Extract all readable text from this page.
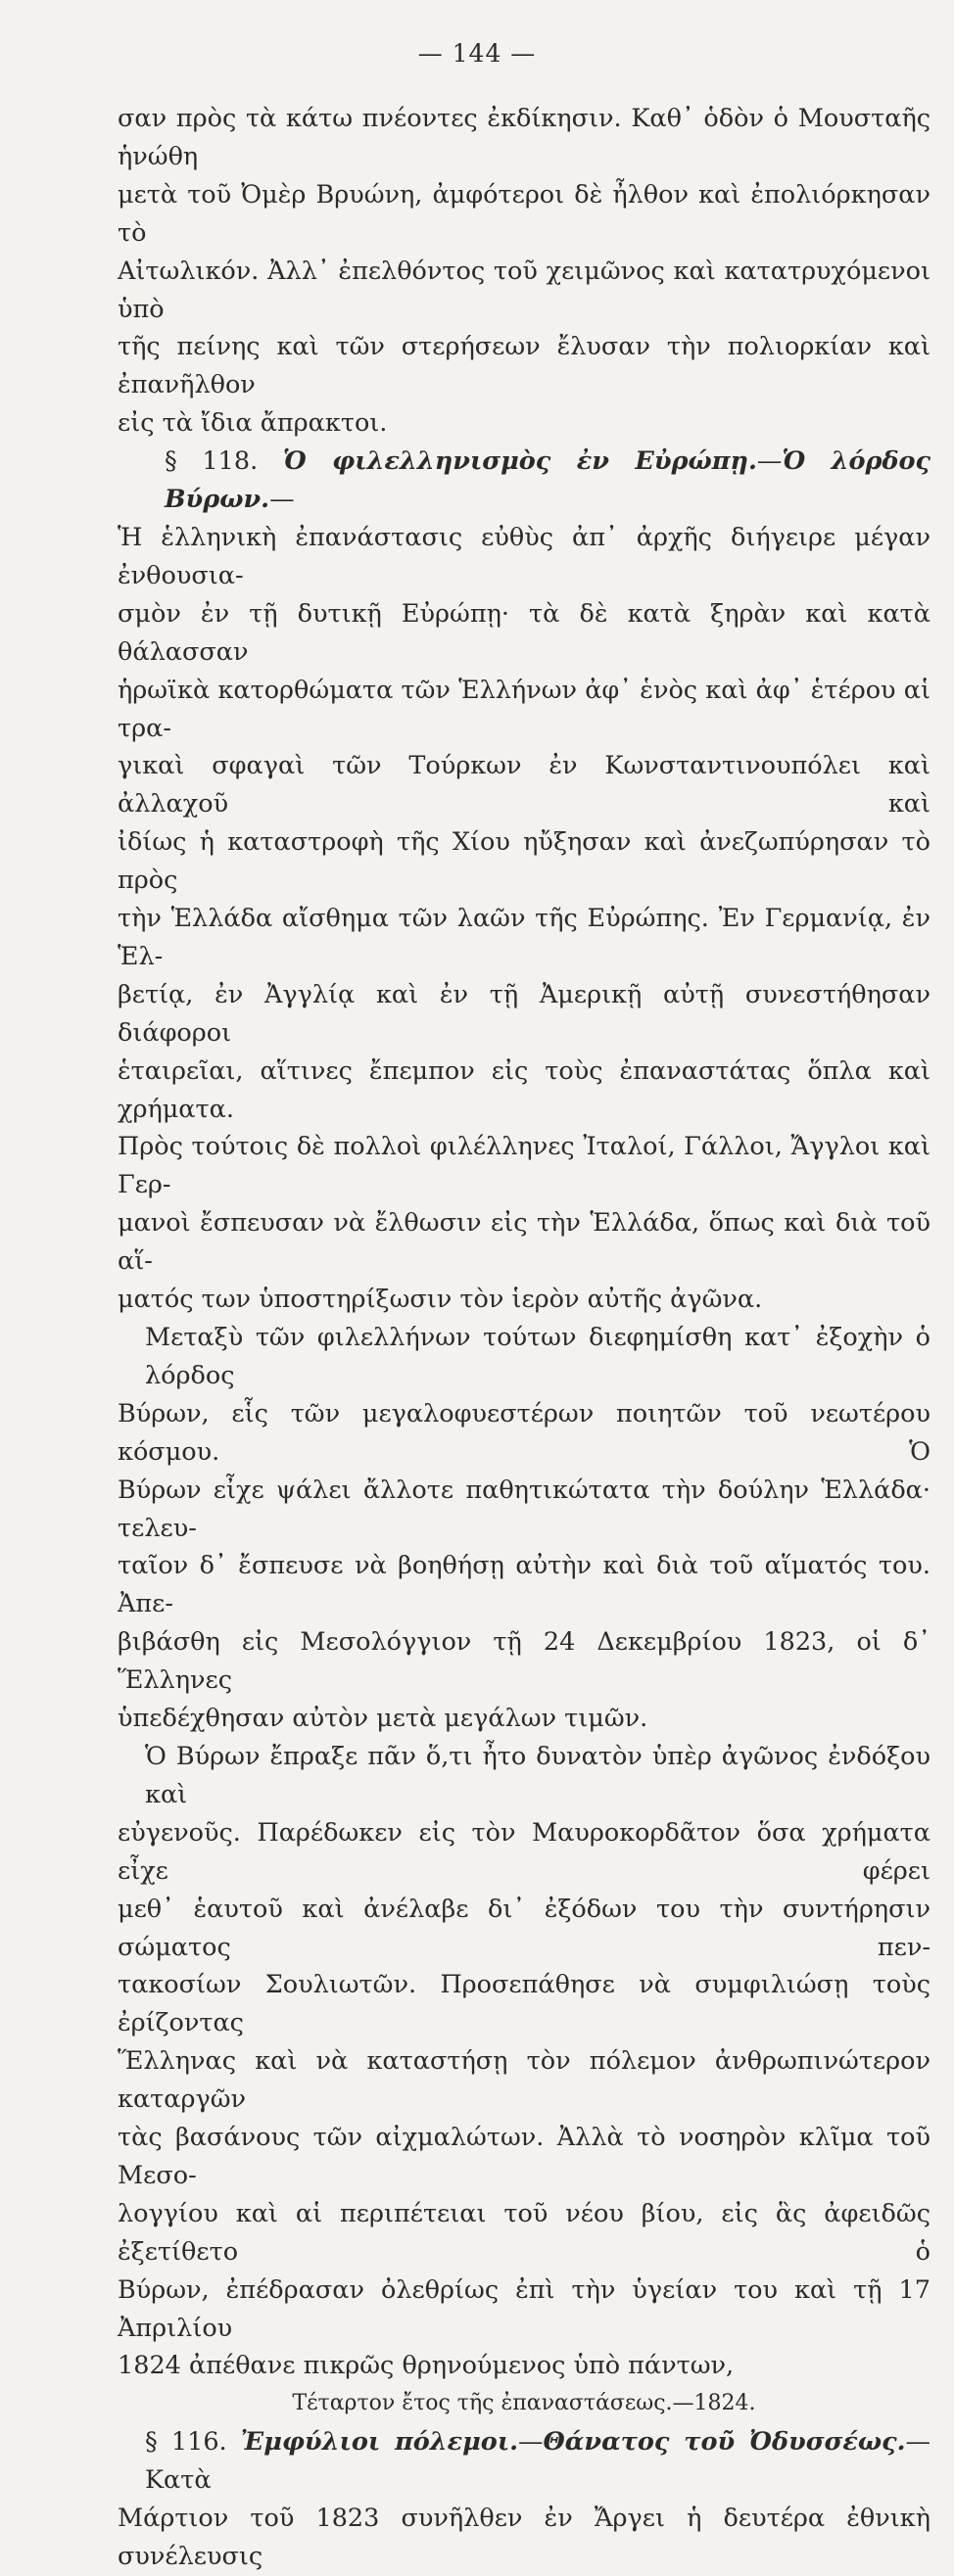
— 144 —
σαν πρὸς τὰ κάτω πνέοντες ἐκδίκησιν. Καθ᾽ ὁδὸν ὁ Μουσταῆς ἡνώθη
μετὰ τοῦ Ὀμὲρ Βρυώνη, ἀμφότεροι δὲ ἦλθον καὶ ἐπολιόρκησαν τὸ
Αἰτωλικόν. Ἀλλ᾽ ἐπελθόντος τοῦ χειμῶνος καὶ κατατρυχόμενοι ὑπὸ
τῆς πείνης καὶ τῶν στερήσεων ἔλυσαν τὴν πολιορκίαν καὶ ἐπανῆλθον
εἰς τὰ ἴδια ἄπρακτοι.
§ 118. Ὁ φιλελληνισμὸς ἐν Εὐρώπῃ.—Ὁ λόρδος Βύρων.—
Ἡ ἑλληνικὴ ἐπανάστασις εὐθὺς ἀπ᾽ ἀρχῆς διήγειρε μέγαν ἐνθουσια-
σμὸν ἐν τῇ δυτικῇ Εὐρώπῃ· τὰ δὲ κατὰ ξηρὰν καὶ κατὰ θάλασσαν
ἡρωϊκὰ κατορθώματα τῶν Ἑλλήνων ἀφ᾽ ἑνὸς καὶ ἀφ᾽ ἑτέρου αἱ τρα-
γικαὶ σφαγαὶ τῶν Τούρκων ἐν Κωνσταντινουπόλει καὶ ἀλλαχοῦ καὶ
ἰδίως ἡ καταστροφὴ τῆς Χίου ηὔξησαν καὶ ἀνεζωπύρησαν τὸ πρὸς
τὴν Ἑλλάδα αἴσθημα τῶν λαῶν τῆς Εὐρώπης. Ἐν Γερμανίᾳ, ἐν Ἑλ-
βετίᾳ, ἐν Ἀγγλίᾳ καὶ ἐν τῇ Ἀμερικῇ αὐτῇ συνεστήθησαν διάφοροι
ἑταιρεῖαι, αἵτινες ἔπεμπον εἰς τοὺς ἐπαναστάτας ὅπλα καὶ χρήματα.
Πρὸς τούτοις δὲ πολλοὶ φιλέλληνες Ἰταλοί, Γάλλοι, Ἄγγλοι καὶ Γερ-
μανοὶ ἔσπευσαν νὰ ἔλθωσιν εἰς τὴν Ἑλλάδα, ὅπως καὶ διὰ τοῦ αἵ-
ματός των ὑποστηρίξωσιν τὸν ἱερὸν αὐτῆς ἀγῶνα.
Μεταξὺ τῶν φιλελλήνων τούτων διεφημίσθη κατ᾽ ἐξοχὴν ὁ λόρδος
Βύρων, εἷς τῶν μεγαλοφυεστέρων ποιητῶν τοῦ νεωτέρου κόσμου. Ὁ
Βύρων εἶχε ψάλει ἄλλοτε παθητικώτατα τὴν δούλην Ἑλλάδα· τελευ-
ταῖον δ᾽ ἔσπευσε νὰ βοηθήσῃ αὐτὴν καὶ διὰ τοῦ αἵματός του. Ἀπε-
βιβάσθη εἰς Μεσολόγγιον τῇ 24 Δεκεμβρίου 1823, οἱ δ᾽ Ἕλληνες
ὑπεδέχθησαν αὐτὸν μετὰ μεγάλων τιμῶν.
Ὁ Βύρων ἔπραξε πᾶν ὅ,τι ἦτο δυνατὸν ὑπὲρ ἀγῶνος ἐνδόξου καὶ
εὐγενοῦς. Παρέδωκεν εἰς τὸν Μαυροκορδᾶτον ὅσα χρήματα εἶχε φέρει
μεθ᾽ ἑαυτοῦ καὶ ἀνέλαβε δι᾽ ἐξόδων του τὴν συντήρησιν σώματος πεν-
τακοσίων Σουλιωτῶν. Προσεπάθησε νὰ συμφιλιώσῃ τοὺς ἐρίζοντας
Ἕλληνας καὶ νὰ καταστήσῃ τὸν πόλεμον ἀνθρωπινώτερον καταργῶν
τὰς βασάνους τῶν αἰχμαλώτων. Ἀλλὰ τὸ νοσηρὸν κλῖμα τοῦ Μεσο-
λογγίου καὶ αἱ περιπέτειαι τοῦ νέου βίου, εἰς ἃς ἀφειδῶς ἐξετίθετο ὁ
Βύρων, ἐπέδρασαν ὀλεθρίως ἐπὶ τὴν ὑγείαν του καὶ τῇ 17 Ἀπριλίου
1824 ἀπέθανε πικρῶς θρηνούμενος ὑπὸ πάντων,
Τέταρτον ἔτος τῆς ἐπαναστάσεως.—1824.
§ 116. Ἐμφύλιοι πόλεμοι.—Θάνατος τοῦ Ὀδυσσέως.—Κατὰ
Μάρτιον τοῦ 1823 συνῆλθεν ἐν Ἄργει ἡ δευτέρα ἐθνικὴ συνέλευσις
